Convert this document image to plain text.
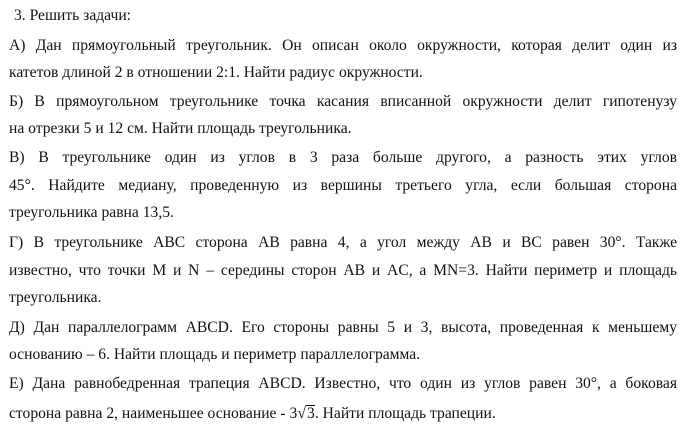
3. Решить задачи:
А) Дан прямоугольный треугольник. Он описан около окружности, которая делит один из
катетов длиной 2 в отношении 2:1. Найти радиус окружности.
Б) В прямоугольном треугольнике точка касания вписанной окружности делит гипотенузу
на отрезки 5 и 12 см. Найти площадь треугольника.
В) В треугольнике один из углов в 3 раза больше другого, а разность этих углов
45°. Найдите медиану, проведенную из вершины третьего угла, если большая сторона
треугольника равна 13,5.
Г) В треугольнике ABC сторона AB равна 4, а угол между AB и BC равен 30°. Также
известно, что точки M и N – середины сторон AB и AC, а MN=3. Найти периметр и площадь
треугольника.
Д) Дан параллелограмм ABCD. Его стороны равны 5 и 3, высота, проведенная к меньшему
основанию – 6. Найти площадь и периметр параллелограмма.
Е) Дана равнобедренная трапеция ABCD. Известно, что один из углов равен 30°, а боковая
сторона равна 2, наименьшее основание - 3√3. Найти площадь трапеции.
